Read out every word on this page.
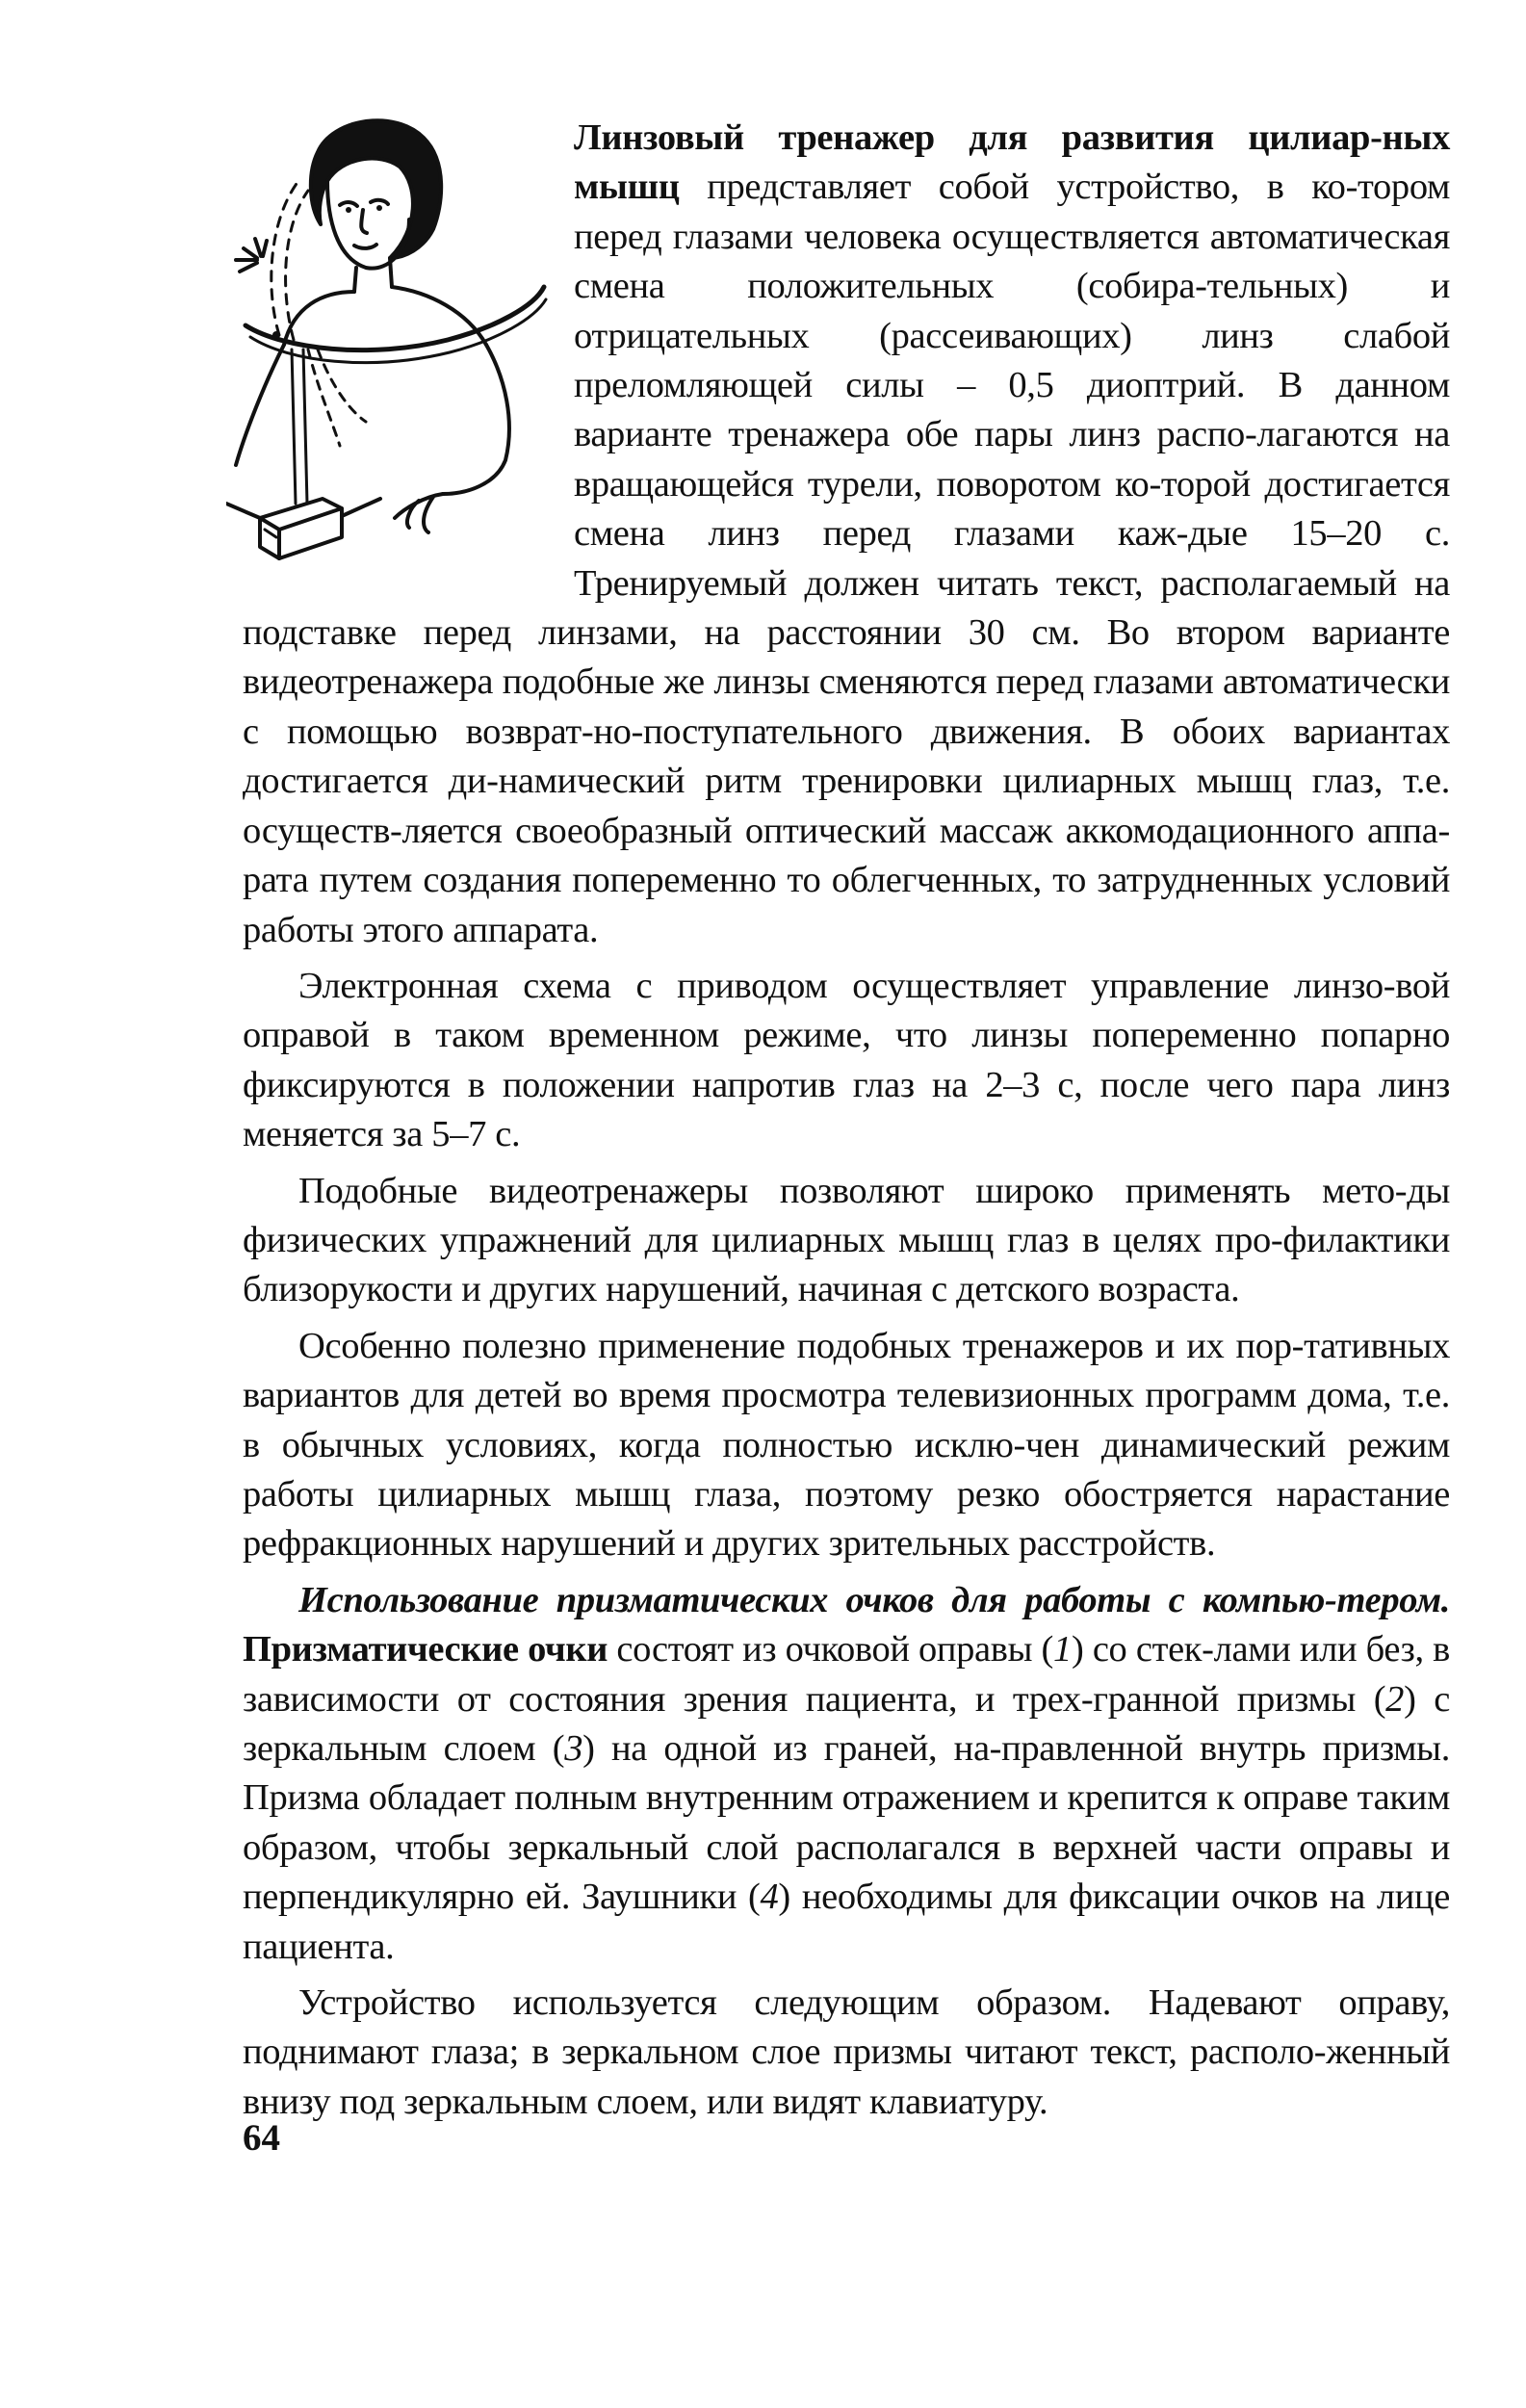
Линзовый тренажер для развития цилиар-ных мышц представляет собой устройство, в ко-тором перед глазами человека осуществляется автоматическая смена положительных (собира-тельных) и отрицательных (рассеивающих) линз слабой преломляющей силы – 0,5 диоптрий. В данном варианте тренажера обе пары линз распо-лагаются на вращающейся турели, поворотом ко-торой достигается смена линз перед глазами каж-дые 15–20 с. Тренируемый должен читать текст, располагаемый на подставке перед линзами, на расстоянии 30 см. Во втором варианте видеотренажера подобные же линзы сменяются перед глазами автоматически с помощью возврат-но-поступательного движения. В обоих вариантах достигается ди-намический ритм тренировки цилиарных мышц глаз, т.е. осуществ-ляется своеобразный оптический массаж аккомодационного аппа-рата путем создания попеременно то облегченных, то затрудненных условий работы этого аппарата.

Электронная схема с приводом осуществляет управление линзо-вой оправой в таком временном режиме, что линзы попеременно попарно фиксируются в положении напротив глаз на 2–3 с, после чего пара линз меняется за 5–7 с.

Подобные видеотренажеры позволяют широко применять мето-ды физических упражнений для цилиарных мышц глаз в целях про-филактики близорукости и других нарушений, начиная с детского возраста.

Особенно полезно применение подобных тренажеров и их пор-тативных вариантов для детей во время просмотра телевизионных программ дома, т.е. в обычных условиях, когда полностью исклю-чен динамический режим работы цилиарных мышц глаза, поэтому резко обостряется нарастание рефракционных нарушений и других зрительных расстройств.

Использование призматических очков для работы с компью-тером. Призматические очки состоят из очковой оправы (1) со стек-лами или без, в зависимости от состояния зрения пациента, и трех-гранной призмы (2) с зеркальным слоем (3) на одной из граней, на-правленной внутрь призмы. Призма обладает полным внутренним отражением и крепится к оправе таким образом, чтобы зеркальный слой располагался в верхней части оправы и перпендикулярно ей. Заушники (4) необходимы для фиксации очков на лице пациента.

Устройство используется следующим образом. Надевают оправу, поднимают глаза; в зеркальном слое призмы читают текст, располо-женный внизу под зеркальным слоем, или видят клавиатуру.

64
